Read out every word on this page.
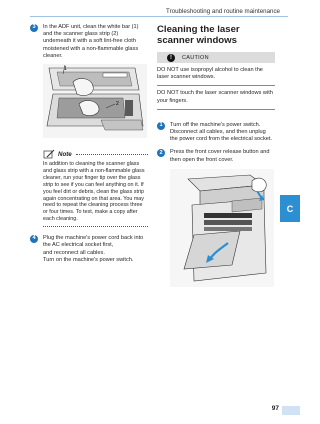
Troubleshooting and routine maintenance
3	In the ADF unit, clean the white bar (1) and the scanner glass strip (2) underneath it with a soft lint-free cloth moistened with a non-flammable glass cleaner.

1
2
Note
In addition to cleaning the scanner glass and glass strip with a non-flammable glass cleaner, run your finger tip over the glass strip to see if you can feel anything on it. If you feel dirt or debris, clean the glass strip again concentrating on that area. You may need to repeat the cleaning process three or four times. To test, make a copy after each cleaning.
4	Plug the machine's power cord back into the AC electrical socket first,

and reconnect all cables.

Turn on the machine's power switch.

Cleaning the laser scanner windows
!	CAUTION
DO NOT use isopropyl alcohol to clean the laser scanner windows.
DO NOT touch the laser scanner windows with your fingers.
1	Turn off the machine's power switch. Disconnect all cables, and then unplug the power cord from the electrical socket.

2	Press the front cover release button and then open the front cover.

C
97
